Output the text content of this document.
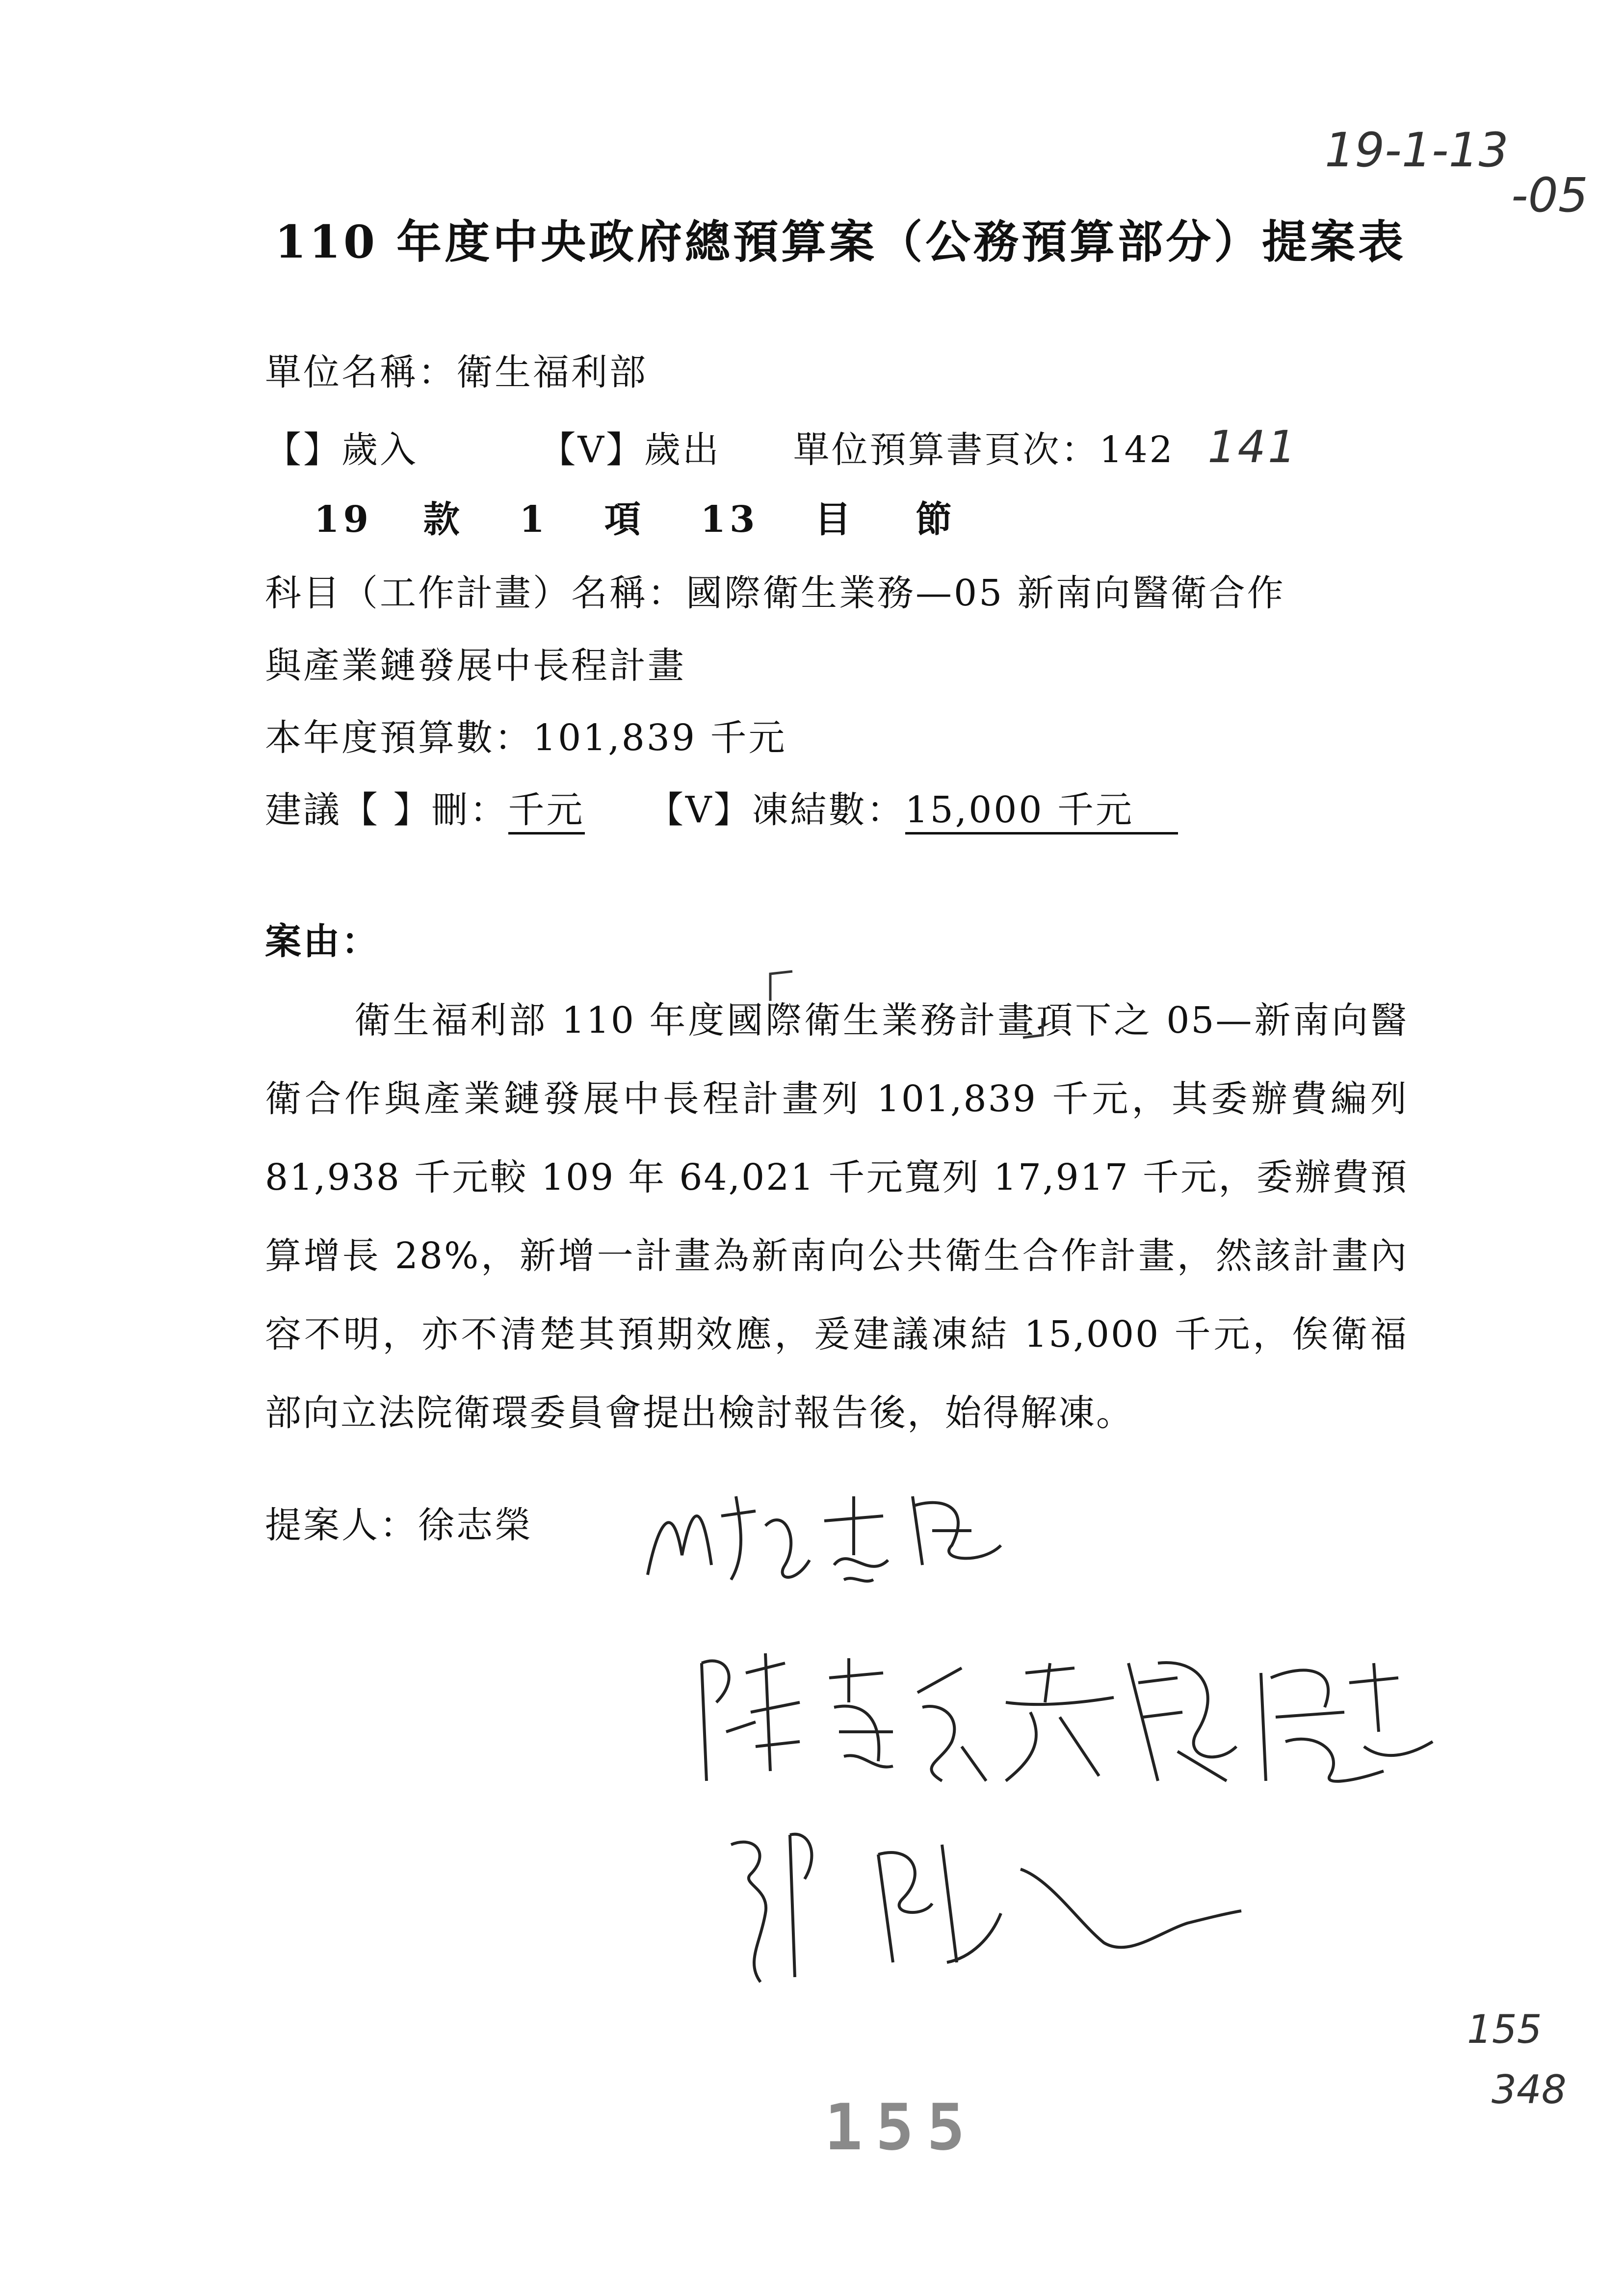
19-1-13
-05
110 年度中央政府總預算案（公務預算部分）提案表
單位名稱：衛生福利部
【】歲入	【V】歲出 單位預算書頁次：142 141
19 款 1 項 13 目 節
科目（工作計畫）名稱：國際衛生業務—05 新南向醫衛合作
與產業鏈發展中長程計畫
本年度預算數：101,839 千元
建議【 】刪：千元 【V】凍結數：15,000 千元
案由：
衛生福利部 110 年度國際衛生業務計畫項下之 05—新南向醫衛合作與產業鏈發展中長程計畫列 101,839 千元，其委辦費編列 81,938 千元較 109 年 64,021 千元寬列 17,917 千元，委辦費預算增長 28%，新增一計畫為新南向公共衛生合作計畫，然該計畫內容不明，亦不清楚其預期效應，爰建議凍結 15,000 千元，俟衛福部向立法院衛環委員會提出檢討報告後，始得解凍。
提案人：徐志榮
155
348
155
